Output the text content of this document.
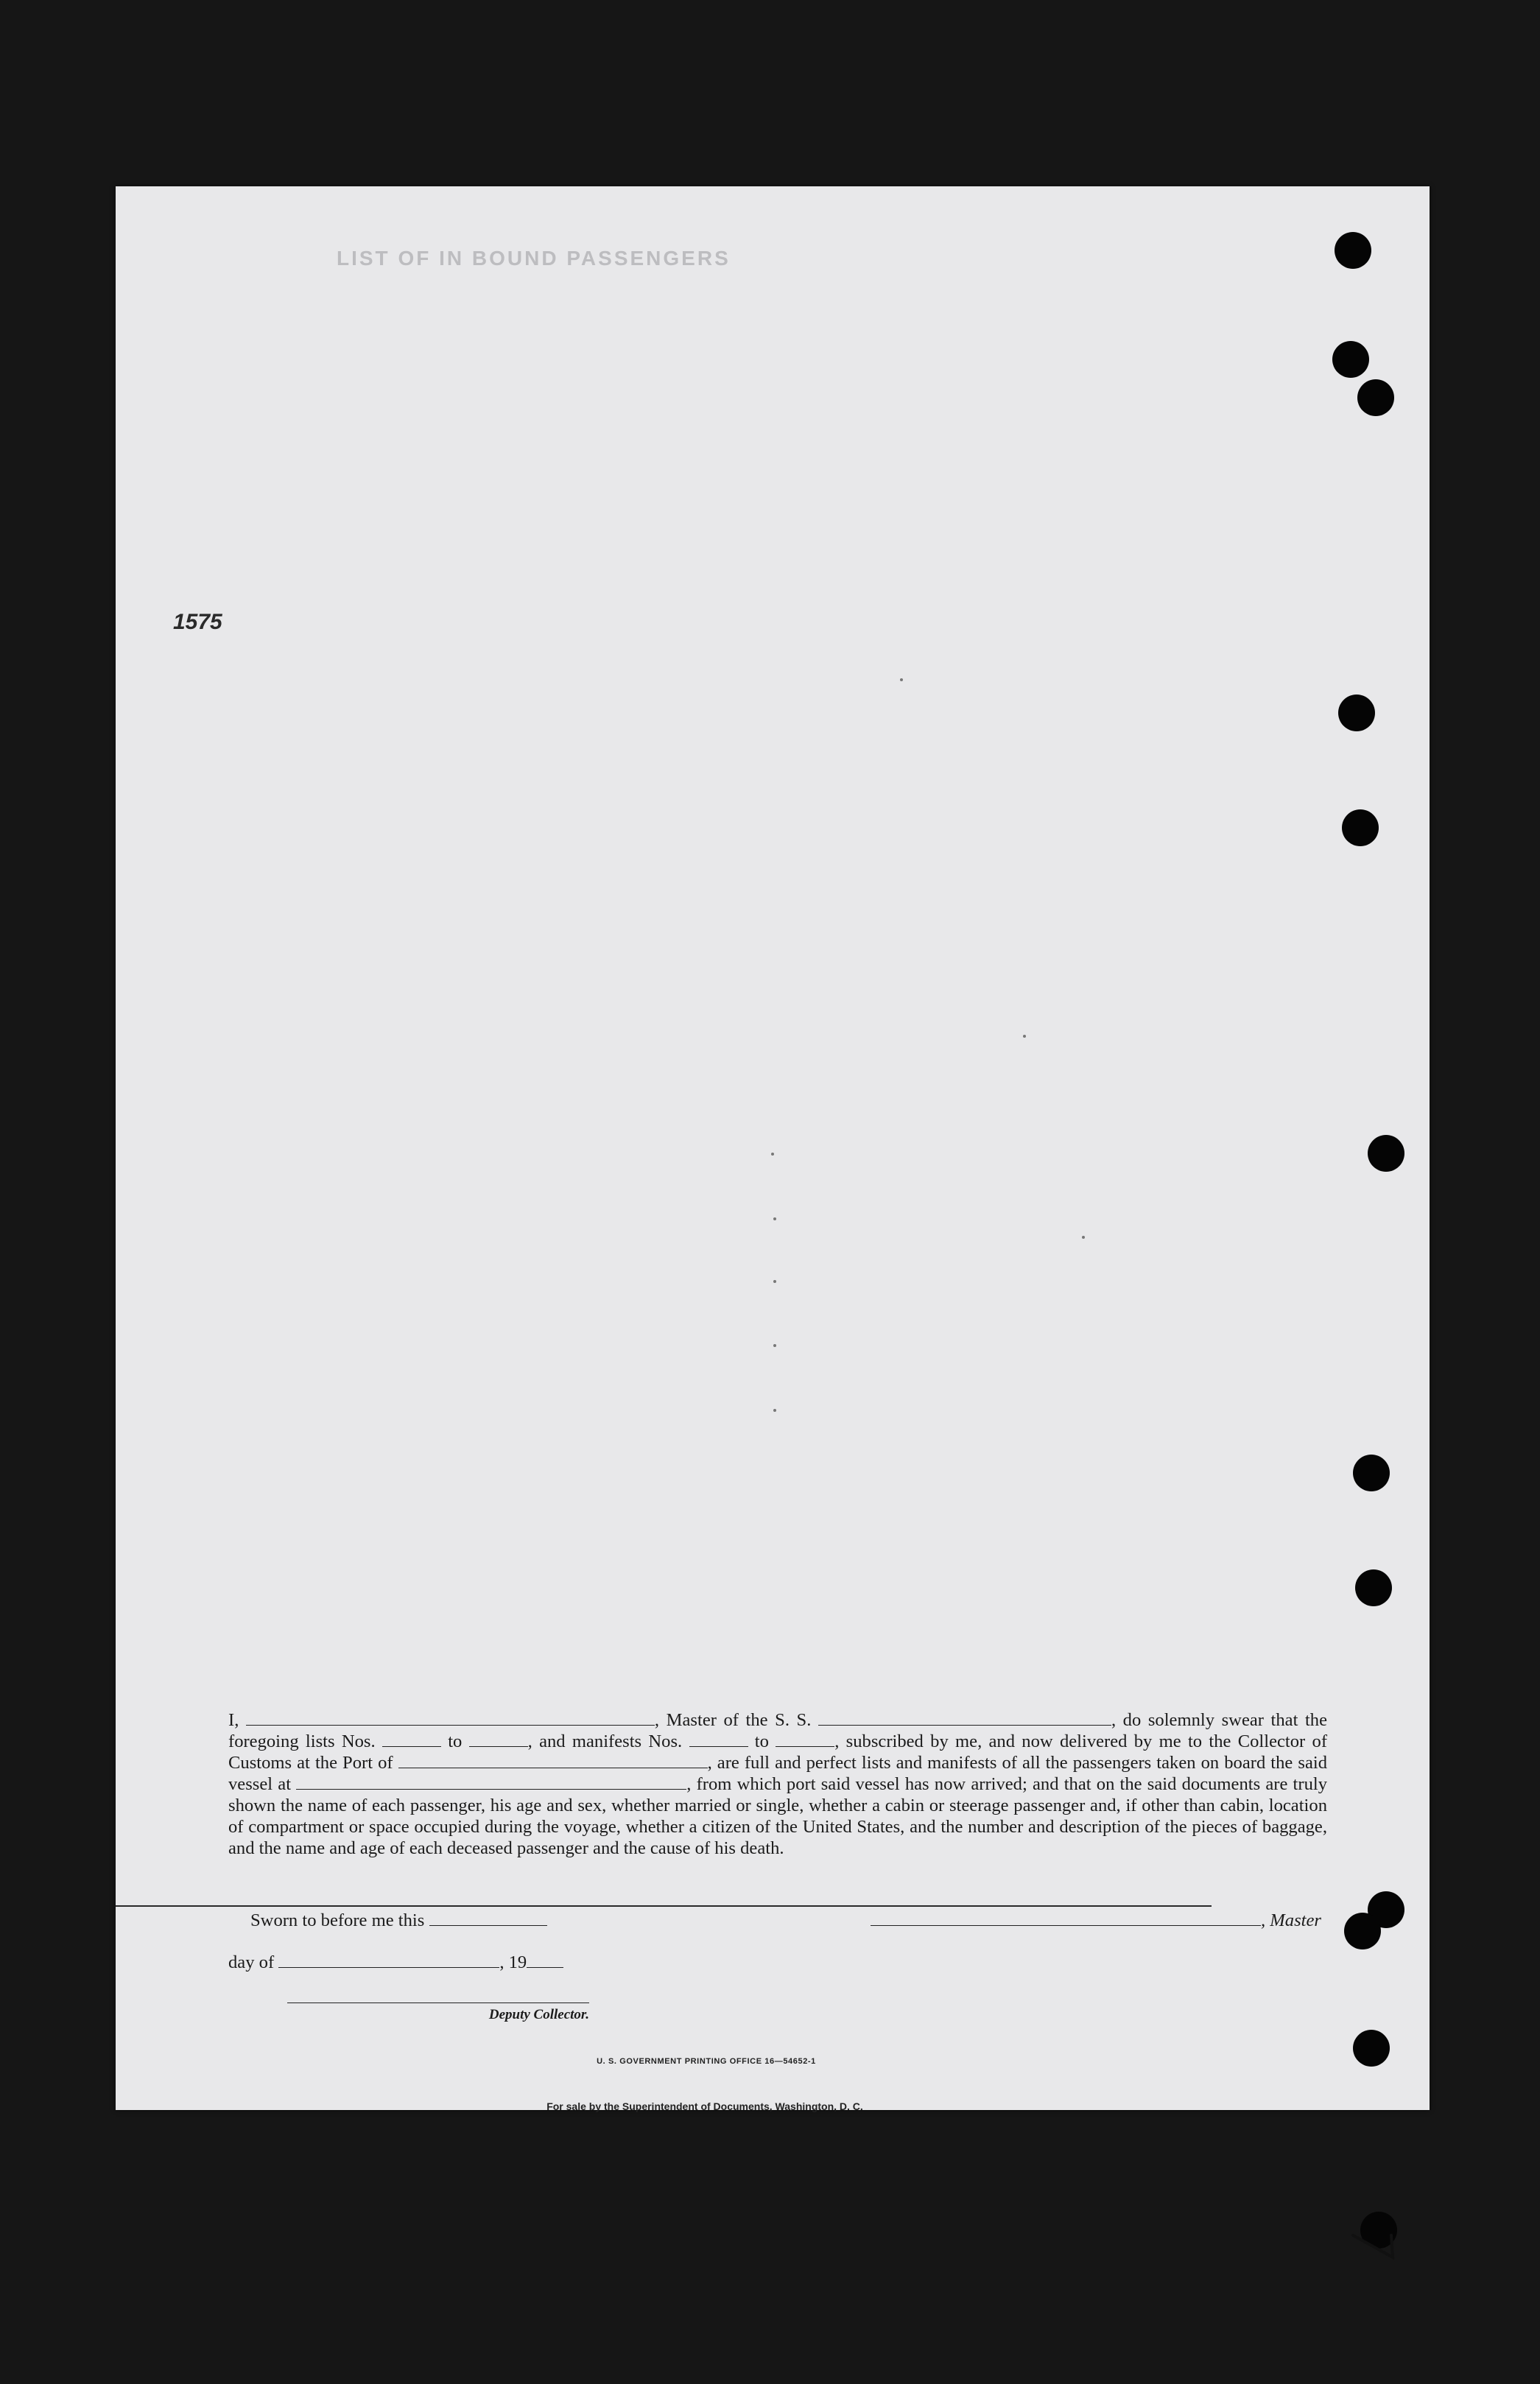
LIST OF IN BOUND PASSENGERS
1575

I,	, Master of the S. S.	, do solemnly swear that the foregoing lists Nos.	to	, and manifests Nos.	to	, subscribed by me, and now delivered by me to the Collector of Customs at the Port of	, are full and perfect lists and manifests of all the passengers taken on board the said vessel at	, from which port said vessel has now arrived; and that on the said documents are truly shown the name of each passenger, his age and sex, whether married or single, whether a cabin or steerage passenger and, if other than cabin, location of compartment or space occupied during the voyage, whether a citizen of the United States, and the number and description of the pieces of baggage, and the name and age of each deceased passenger and the cause of his death.

Sworn to before me this	, Master
day of	, 19
Deputy Collector.
U. S. GOVERNMENT PRINTING OFFICE 16—54652-1
For sale by the Superintendent of Documents, Washington, D. C.
